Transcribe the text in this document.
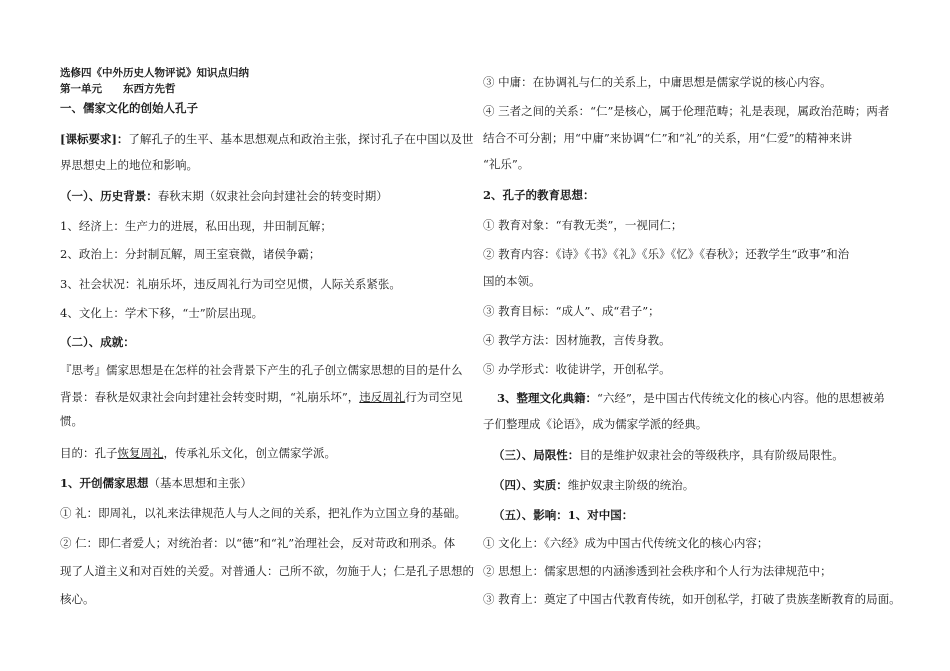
选修四《中外历史人物评说》知识点归纳
第一单元　　东西方先哲
一、儒家文化的创始人孔子
[课标要求]：了解孔子的生平、基本思想观点和政治主张，探讨孔子在中国以及世
界思想史上的地位和影响。
（一）、历史背景：春秋末期（奴隶社会向封建社会的转变时期）
1、经济上：生产力的进展，私田出现，井田制瓦解；
2、政治上：分封制瓦解，周王室衰微，诸侯争霸；
3、社会状况：礼崩乐坏，违反周礼行为司空见惯，人际关系紧张。
4、文化上：学术下移，“士”阶层出现。
（二）、成就：
『思考』儒家思想是在怎样的社会背景下产生的孔子创立儒家思想的目的是什么
背景：春秋是奴隶社会向封建社会转变时期，“礼崩乐坏”，违反周礼行为司空见
惯。
目的：孔子恢复周礼，传承礼乐文化，创立儒家学派。
1、开创儒家思想（基本思想和主张）
① 礼：即周礼，以礼来法律规范人与人之间的关系，把礼作为立国立身的基础。
② 仁：即仁者爱人；对统治者：以“德”和“礼”治理社会，反对苛政和刑杀。体
现了人道主义和对百姓的关爱。对普通人：己所不欲，勿施于人；仁是孔子思想的
核心。
③ 中庸：在协调礼与仁的关系上，中庸思想是儒家学说的核心内容。
④ 三者之间的关系：“仁”是核心，属于伦理范畴；礼是表现，属政治范畴；两者
结合不可分割；用“中庸”来协调“仁”和“礼”的关系，用“仁爱”的精神来讲
“礼乐”。
2、孔子的教育思想：
① 教育对象：“有教无类”，一视同仁；
② 教育内容：《诗》《书》《礼》《乐》《忆》《春秋》；还教学生“政事”和治
国的本领。
③ 教育目标：“成人”、成“君子”；
④ 教学方法：因材施教，言传身教。
⑤ 办学形式：收徒讲学，开创私学。
3、整理文化典籍：“六经”，是中国古代传统文化的核心内容。他的思想被弟
子们整理成《论语》，成为儒家学派的经典。
（三）、局限性：目的是维护奴隶社会的等级秩序，具有阶级局限性。
（四）、实质：维护奴隶主阶级的统治。
（五）、影响：1、对中国：
① 文化上：《六经》成为中国古代传统文化的核心内容；
② 思想上：儒家思想的内涵渗透到社会秩序和个人行为法律规范中；
③ 教育上：奠定了中国古代教育传统，如开创私学，打破了贵族垄断教育的局面。
